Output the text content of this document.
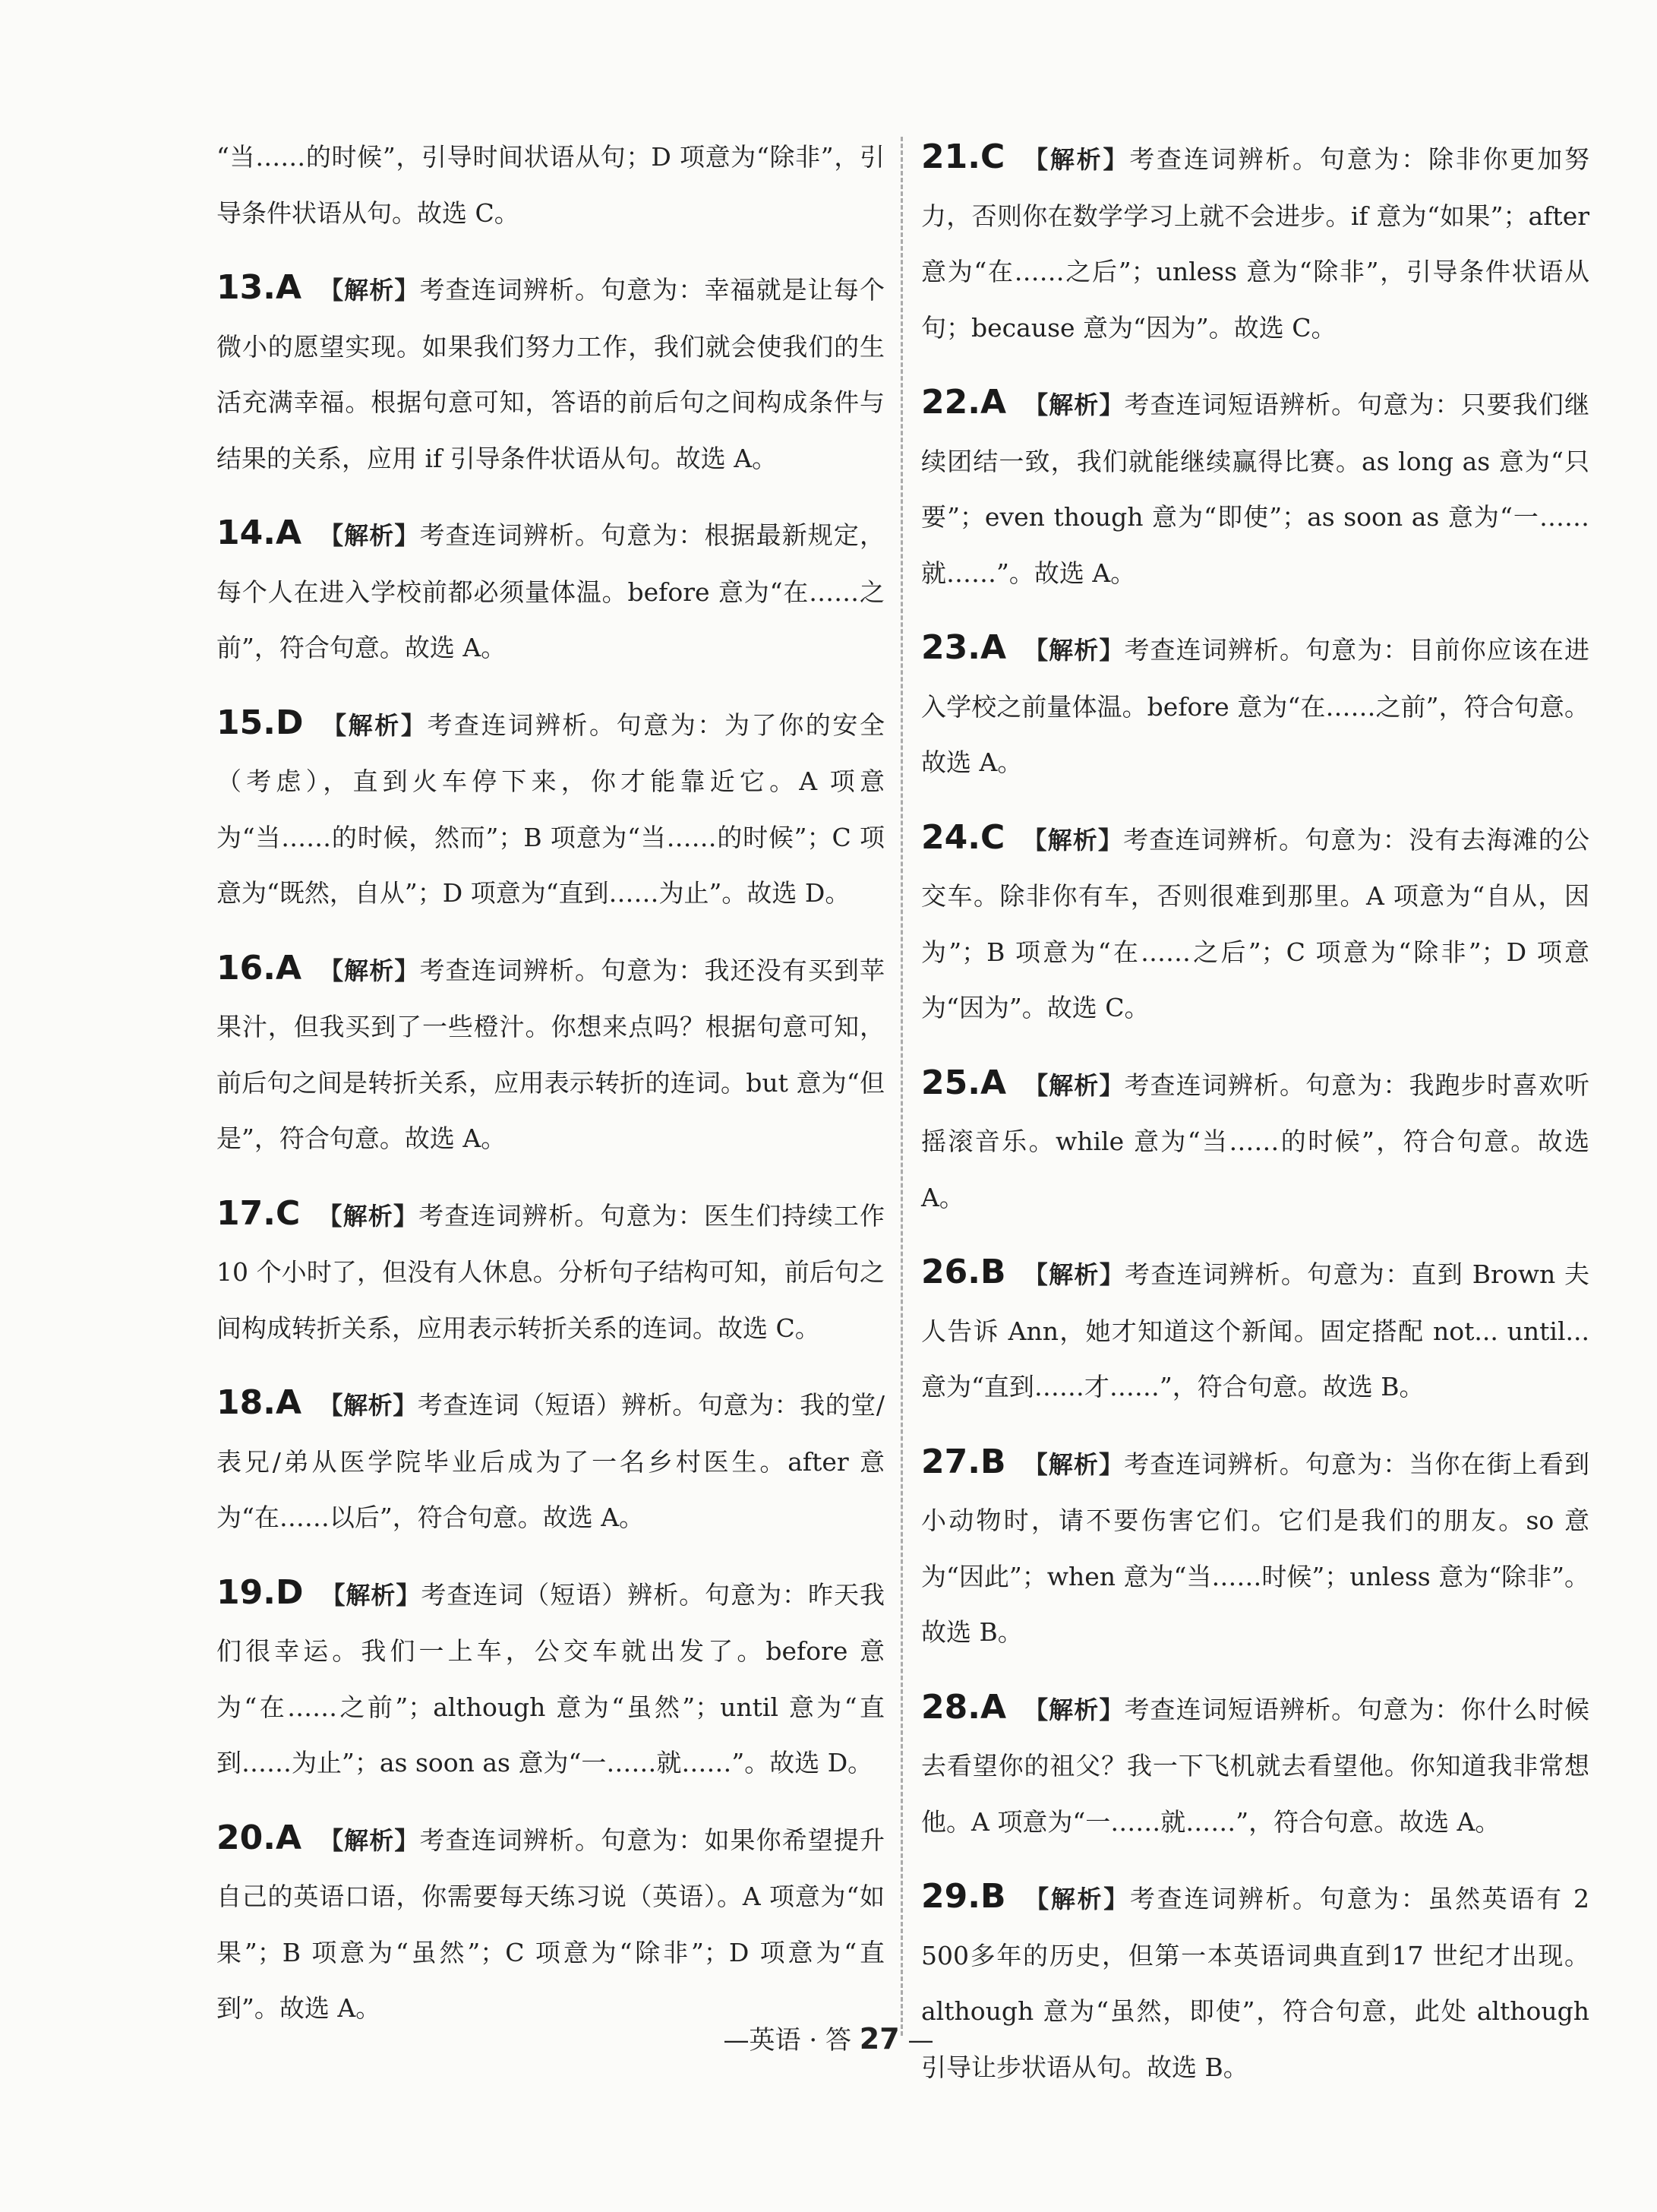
“当……的时候”，引导时间状语从句；D 项意为“除非”，引导条件状语从句。故选 C。
13.A 【解析】考查连词辨析。句意为：幸福就是让每个微小的愿望实现。如果我们努力工作，我们就会使我们的生活充满幸福。根据句意可知，答语的前后句之间构成条件与结果的关系，应用 if 引导条件状语从句。故选 A。
14.A 【解析】考查连词辨析。句意为：根据最新规定，每个人在进入学校前都必须量体温。before 意为“在……之前”，符合句意。故选 A。
15.D 【解析】考查连词辨析。句意为：为了你的安全（考虑），直到火车停下来，你才能靠近它。A 项意为“当……的时候，然而”；B 项意为“当……的时候”；C 项意为“既然，自从”；D 项意为“直到……为止”。故选 D。
16.A 【解析】考查连词辨析。句意为：我还没有买到苹果汁，但我买到了一些橙汁。你想来点吗？根据句意可知，前后句之间是转折关系，应用表示转折的连词。but 意为“但是”，符合句意。故选 A。
17.C 【解析】考查连词辨析。句意为：医生们持续工作 10 个小时了，但没有人休息。分析句子结构可知，前后句之间构成转折关系，应用表示转折关系的连词。故选 C。
18.A 【解析】考查连词（短语）辨析。句意为：我的堂/表兄/弟从医学院毕业后成为了一名乡村医生。after 意为“在……以后”，符合句意。故选 A。
19.D 【解析】考查连词（短语）辨析。句意为：昨天我们很幸运。我们一上车，公交车就出发了。before 意为“在……之前”；although 意为“虽然”；until 意为“直到……为止”；as soon as 意为“一……就……”。故选 D。
20.A 【解析】考查连词辨析。句意为：如果你希望提升自己的英语口语，你需要每天练习说（英语）。A 项意为“如果”；B 项意为“虽然”；C 项意为“除非”；D 项意为“直到”。故选 A。
21.C 【解析】考查连词辨析。句意为：除非你更加努力，否则你在数学学习上就不会进步。if 意为“如果”；after 意为“在……之后”；unless 意为“除非”，引导条件状语从句；because 意为“因为”。故选 C。
22.A 【解析】考查连词短语辨析。句意为：只要我们继续团结一致，我们就能继续赢得比赛。as long as 意为“只要”；even though 意为“即使”；as soon as 意为“一……就……”。故选 A。
23.A 【解析】考查连词辨析。句意为：目前你应该在进入学校之前量体温。before 意为“在……之前”，符合句意。故选 A。
24.C 【解析】考查连词辨析。句意为：没有去海滩的公交车。除非你有车，否则很难到那里。A 项意为“自从，因为”；B 项意为“在……之后”；C 项意为“除非”；D 项意为“因为”。故选 C。
25.A 【解析】考查连词辨析。句意为：我跑步时喜欢听摇滚音乐。while 意为“当……的时候”，符合句意。故选 A。
26.B 【解析】考查连词辨析。句意为：直到 Brown 夫人告诉 Ann，她才知道这个新闻。固定搭配 not... until... 意为“直到……才……”，符合句意。故选 B。
27.B 【解析】考查连词辨析。句意为：当你在街上看到小动物时，请不要伤害它们。它们是我们的朋友。so 意为“因此”；when 意为“当……时候”；unless 意为“除非”。故选 B。
28.A 【解析】考查连词短语辨析。句意为：你什么时候去看望你的祖父？我一下飞机就去看望他。你知道我非常想他。A 项意为“一……就……”，符合句意。故选 A。
29.B 【解析】考查连词辨析。句意为：虽然英语有 2 500多年的历史，但第一本英语词典直到17 世纪才出现。although 意为“虽然，即使”，符合句意，此处 although 引导让步状语从句。故选 B。
—英语 · 答 27 —
